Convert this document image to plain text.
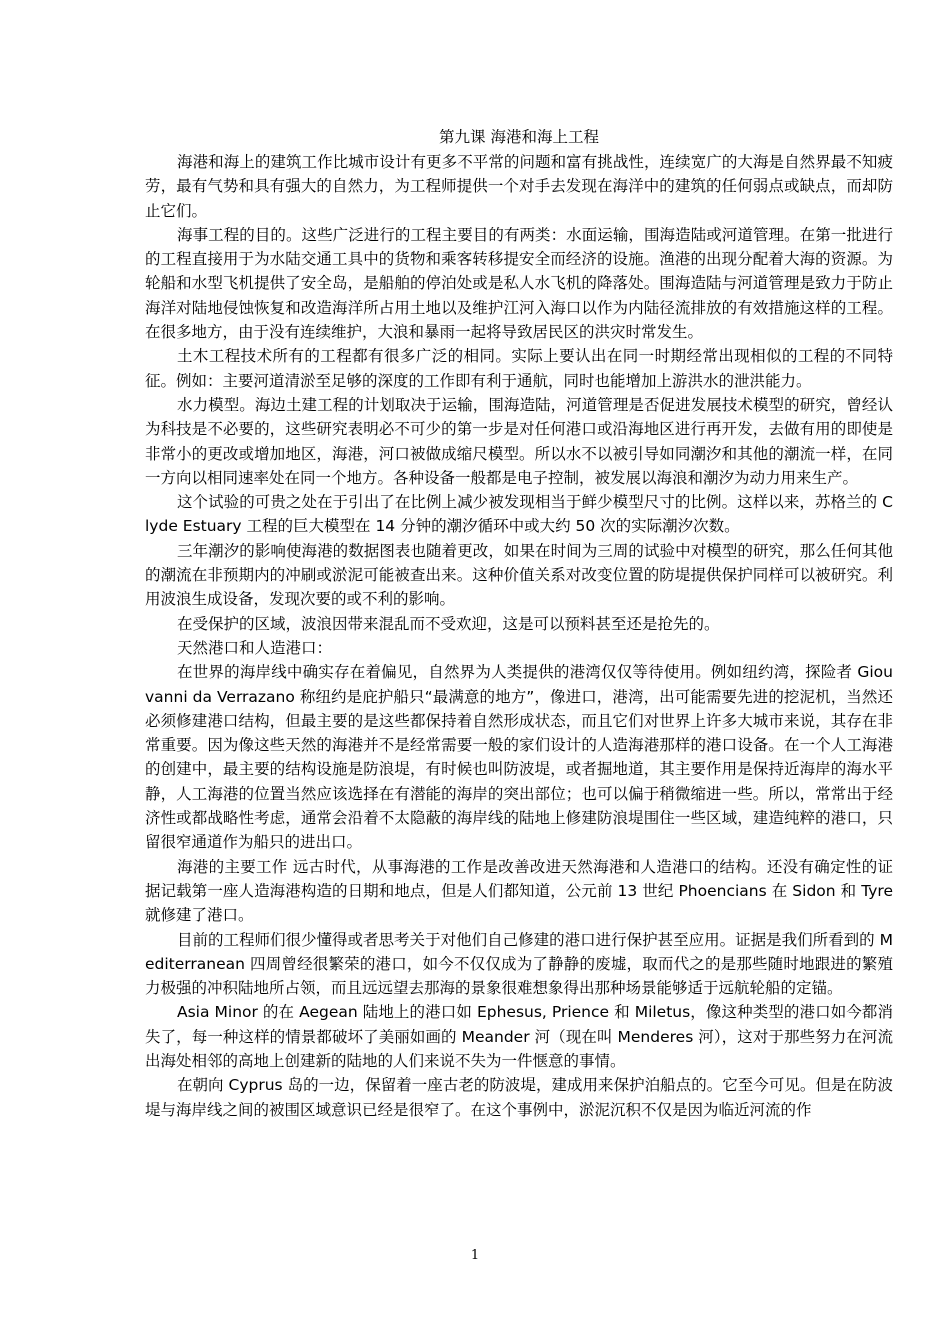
第九课 海港和海上工程

海港和海上的建筑工作比城市设计有更多不平常的问题和富有挑战性，连续宽广的大海是自然界最不知疲劳，最有气势和具有强大的自然力，为工程师提供一个对手去发现在海洋中的建筑的任何弱点或缺点，而却防止它们。

海事工程的目的。这些广泛进行的工程主要目的有两类：水面运输，围海造陆或河道管理。在第一批进行的工程直接用于为水陆交通工具中的货物和乘客转移提安全而经济的设施。渔港的出现分配着大海的资源。为轮船和水型飞机提供了安全岛，是船舶的停泊处或是私人水飞机的降落处。围海造陆与河道管理是致力于防止海洋对陆地侵蚀恢复和改造海洋所占用土地以及维护江河入海口以作为内陆径流排放的有效措施这样的工程。在很多地方，由于没有连续维护，大浪和暴雨一起将导致居民区的洪灾时常发生。

土木工程技术所有的工程都有很多广泛的相同。实际上要认出在同一时期经常出现相似的工程的不同特征。例如：主要河道清淤至足够的深度的工作即有利于通航，同时也能增加上游洪水的泄洪能力。

水力模型。海边土建工程的计划取决于运输，围海造陆，河道管理是否促进发展技术模型的研究，曾经认为科技是不必要的，这些研究表明必不可少的第一步是对任何港口或沿海地区进行再开发，去做有用的即使是非常小的更改或增加地区，海港，河口被做成缩尺模型。所以水不以被引导如同潮汐和其他的潮流一样，在同一方向以相同速率处在同一个地方。各种设备一般都是电子控制，被发展以海浪和潮汐为动力用来生产。

这个试验的可贵之处在于引出了在比例上减少被发现相当于鲜少模型尺寸的比例。这样以来，苏格兰的 Clyde Estuary 工程的巨大模型在 14 分钟的潮汐循环中或大约 50 次的实际潮汐次数。

三年潮汐的影响使海港的数据图表也随着更改，如果在时间为三周的试验中对模型的研究，那么任何其他的潮流在非预期内的冲刷或淤泥可能被查出来。这种价值关系对改变位置的防堤提供保护同样可以被研究。利用波浪生成设备，发现次要的或不利的影响。

在受保护的区域，波浪因带来混乱而不受欢迎，这是可以预料甚至还是抢先的。

天然港口和人造港口：

在世界的海岸线中确实存在着偏见，自然界为人类提供的港湾仅仅等待使用。例如纽约湾，探险者 Giouvanni da Verrazano 称纽约是庇护船只“最满意的地方”，像进口，港湾，出可能需要先进的挖泥机，当然还必须修建港口结构，但最主要的是这些都保持着自然形成状态，而且它们对世界上许多大城市来说，其存在非常重要。因为像这些天然的海港并不是经常需要一般的家们设计的人造海港那样的港口设备。在一个人工海港的创建中，最主要的结构设施是防浪堤，有时候也叫防波堤，或者掘地道，其主要作用是保持近海岸的海水平静，人工海港的位置当然应该选择在有潜能的海岸的突出部位；也可以偏于稍微缩进一些。所以，常常出于经济性或都战略性考虑，通常会沿着不太隐蔽的海岸线的陆地上修建防浪堤围住一些区域，建造纯粹的港口，只留很窄通道作为船只的进出口。

海港的主要工作 远古时代，从事海港的工作是改善改进天然海港和人造港口的结构。还没有确定性的证据记载第一座人造海港构造的日期和地点，但是人们都知道，公元前 13 世纪 Phoencians 在 Sidon 和 Tyre 就修建了港口。

目前的工程师们很少懂得或者思考关于对他们自己修建的港口进行保护甚至应用。证据是我们所看到的 Mediterranean 四周曾经很繁荣的港口，如今不仅仅成为了静静的废墟，取而代之的是那些随时地跟进的繁殖力极强的冲积陆地所占领，而且远远望去那海的景象很难想象得出那种场景能够适于远航轮船的定锚。

Asia Minor 的在 Aegean 陆地上的港口如 Ephesus, Prience 和 Miletus，像这种类型的港口如今都消失了，每一种这样的情景都破坏了美丽如画的 Meander 河（现在叫 Menderes 河），这对于那些努力在河流出海处相邻的高地上创建新的陆地的人们来说不失为一件惬意的事情。

在朝向 Cyprus 岛的一边，保留着一座古老的防波堤，建成用来保护泊船点的。它至今可见。但是在防波堤与海岸线之间的被围区域意识已经是很窄了。在这个事例中，淤泥沉积不仅是因为临近河流的作

1
